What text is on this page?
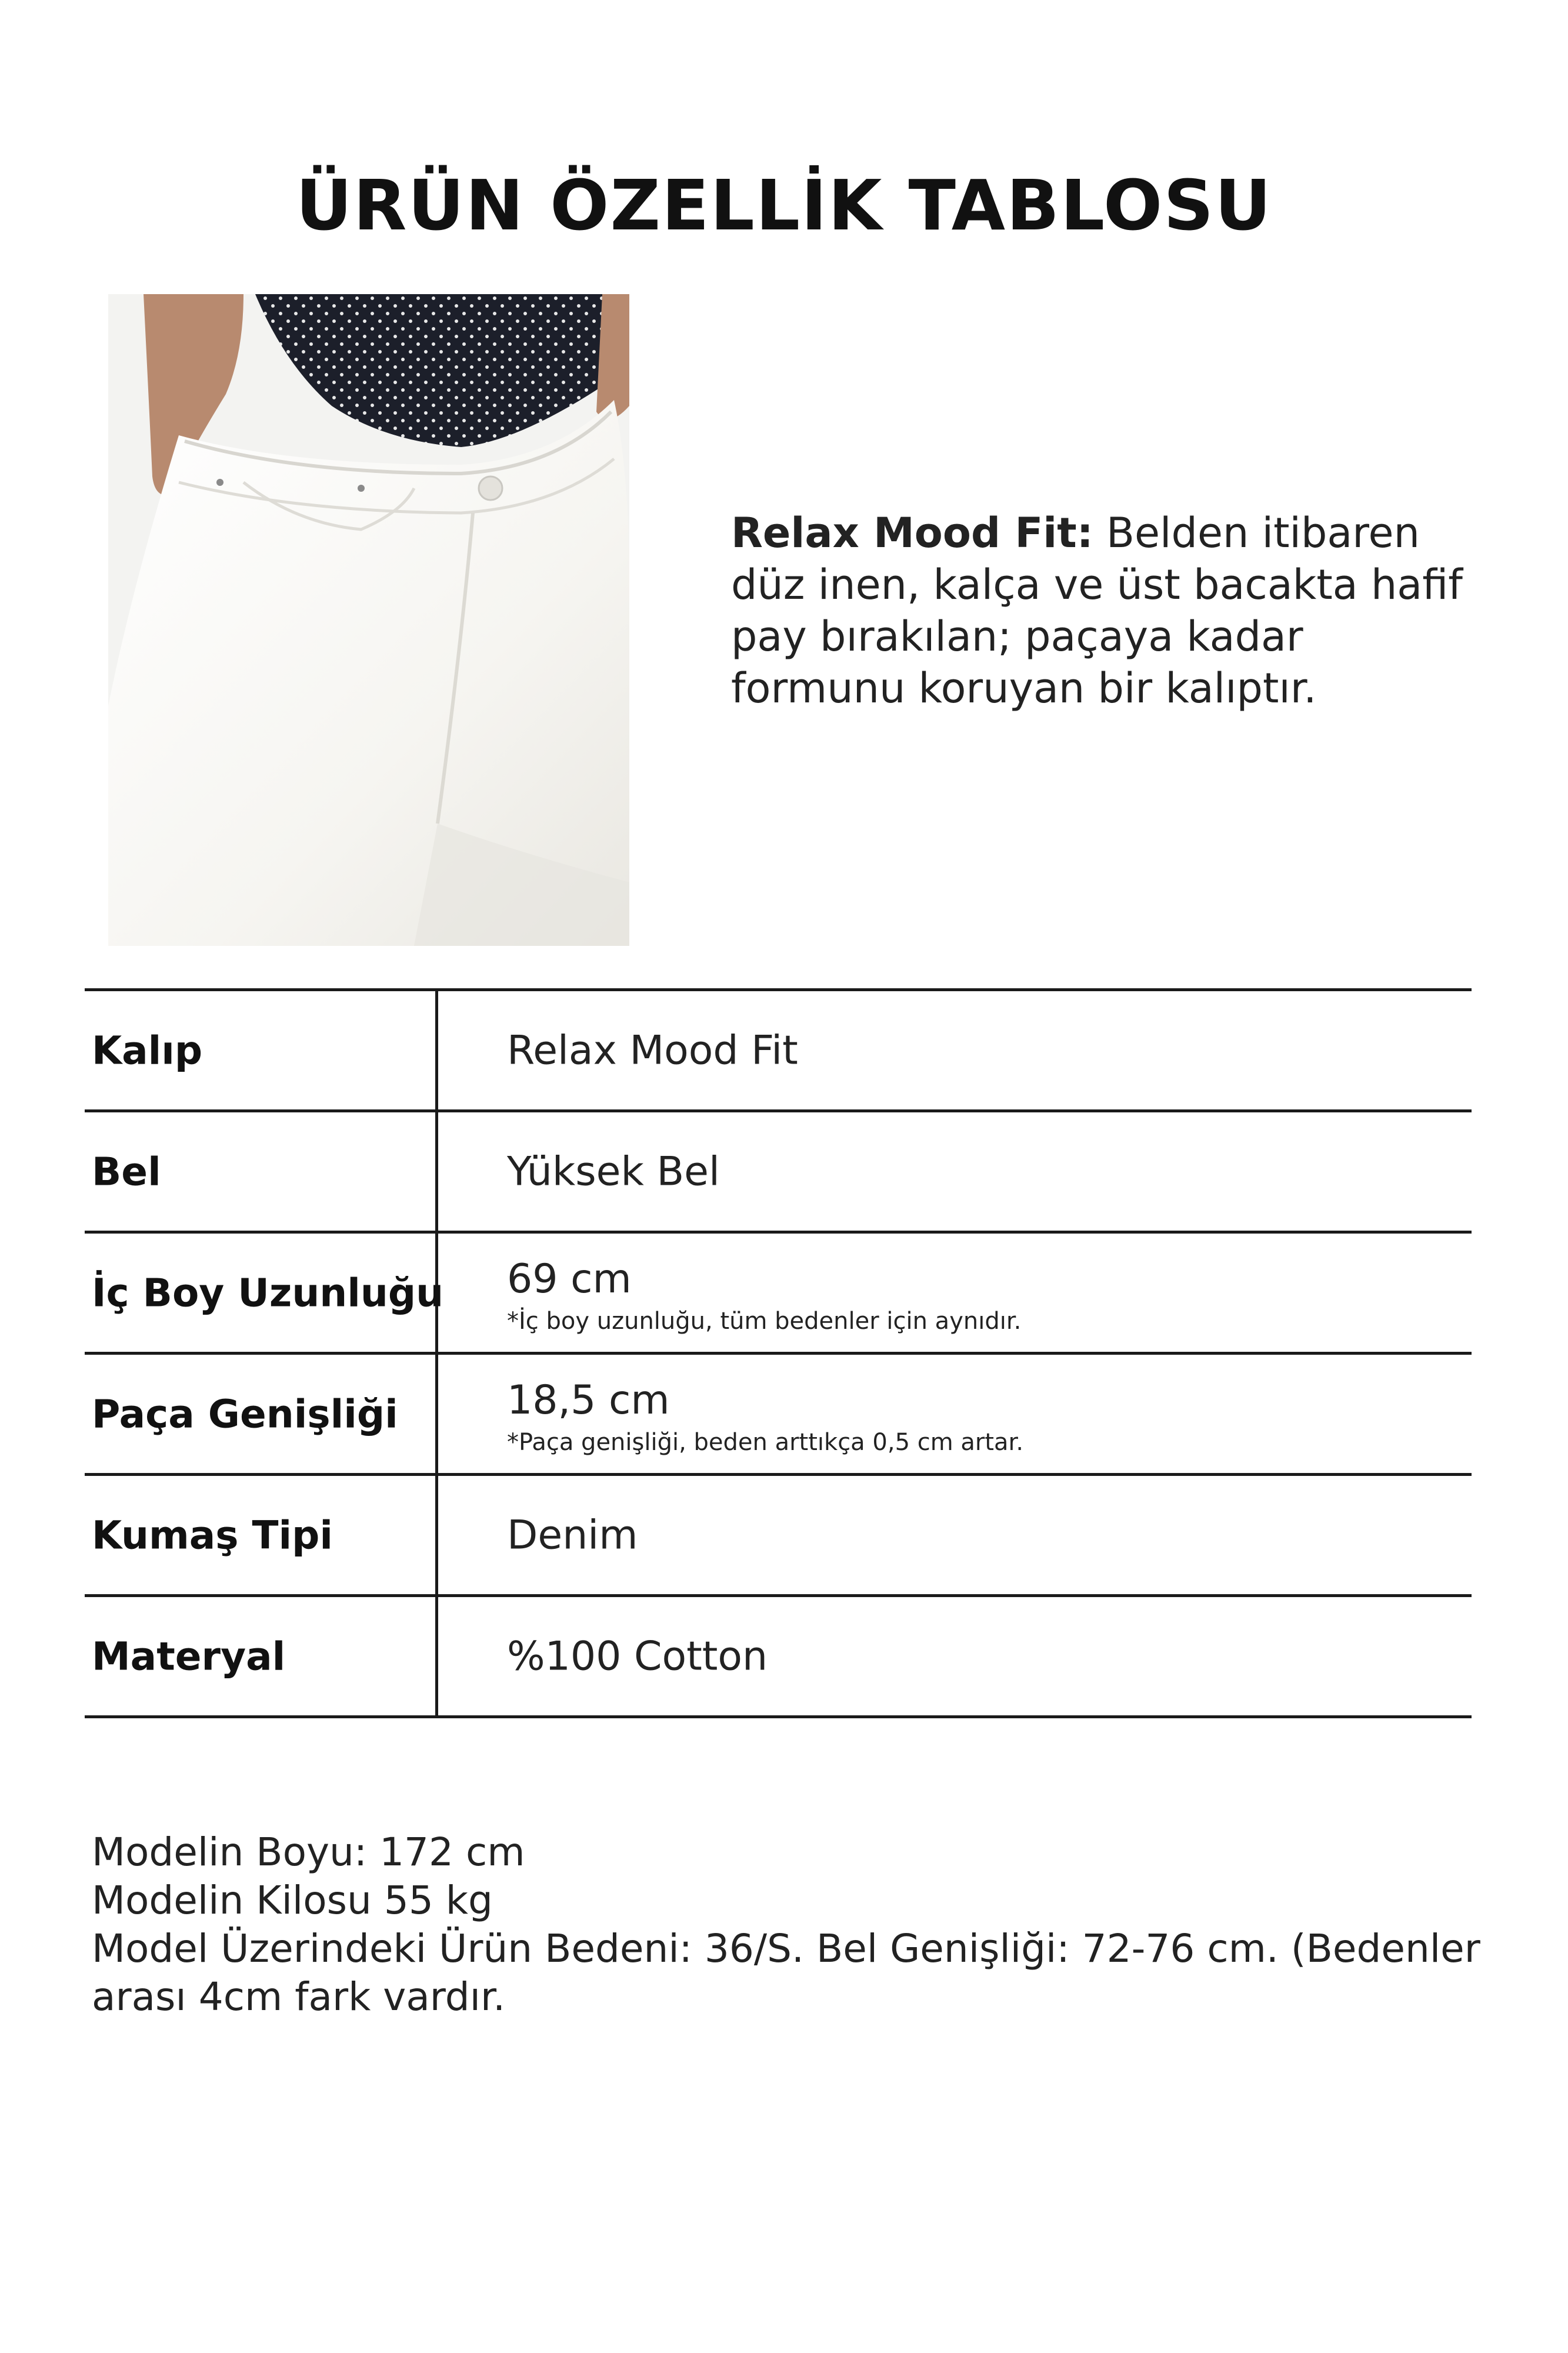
ÜRÜN ÖZELLİK TABLOSU
Relax Mood Fit: Belden itibaren düz inen, kalça ve üst bacakta hafif pay bırakılan; paçaya kadar formunu koruyan bir kalıptır.
Kalıp	Relax Mood Fit
Bel	Yüksek Bel
İç Boy Uzunluğu 69 cm
*İç boy uzunluğu, tüm bedenler için aynıdır.
Paça Genişliği	18,5 cm
*Paça genişliği, beden arttıkça 0,5 cm artar.
Kumaş Tipi	Denim
Materyal	%100 Cotton
Modelin Boyu: 172 cm
Modelin Kilosu 55 kg
Model Üzerindeki Ürün Bedeni: 36/S. Bel Genişliği: 72-76 cm. (Bedenler
arası 4cm fark vardır.
